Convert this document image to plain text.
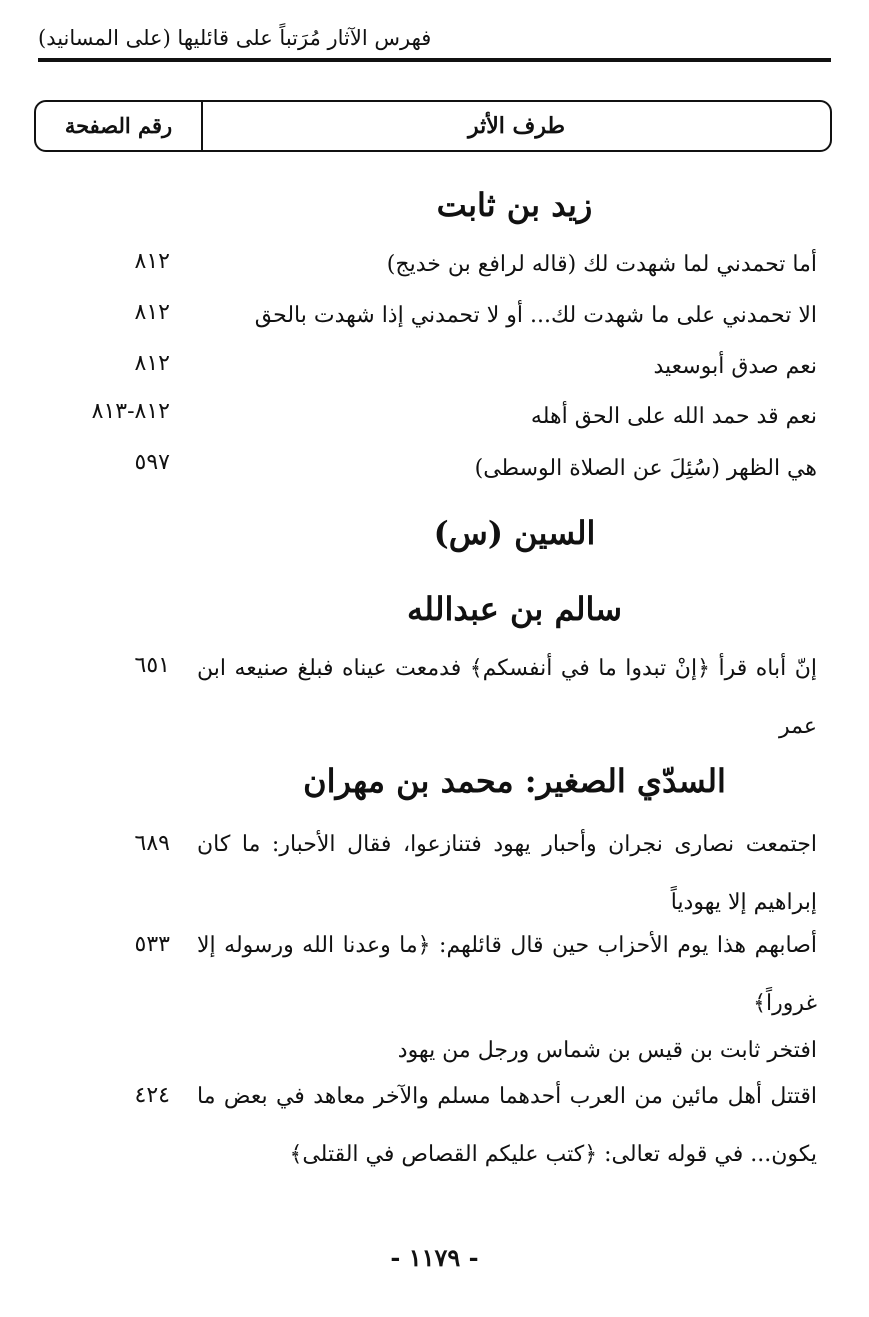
فهرس الآثار مُرَتباً على قائليها (على المسانيد)
طرف الأثر
رقم الصفحة
زيد بن ثابت
أما تحمدني لما شهدت لك (قاله لرافع بن خديج)
٨١٢
الا تحمدني على ما شهدت لك... أو لا تحمدني إذا شهدت بالحق
٨١٢
نعم صدق أبوسعيد
٨١٢
نعم قد حمد الله على الحق أهله
٨١٢-٨١٣
هي الظهر (سُئِلَ عن الصلاة الوسطى)
٥٩٧
السين (س)
سالم بن عبدالله
إنّ أباه قرأ ﴿إنْ تبدوا ما في أنفسكم﴾ فدمعت عيناه فبلغ صنيعه ابن عمر
٦٥١
السدّي الصغير: محمد بن مهران
اجتمعت نصارى نجران وأحبار يهود فتنازعوا، فقال الأحبار: ما كان إبراهيم إلا يهودياً
٦٨٩
أصابهم هذا يوم الأحزاب حين قال قائلهم: ﴿ما وعدنا الله ورسوله إلا غروراً﴾
٥٣٣
افتخر ثابت بن قيس بن شماس ورجل من يهود
اقتتل أهل مائين من العرب أحدهما مسلم والآخر معاهد في بعض ما يكون... في قوله تعالى: ﴿كتب عليكم القصاص في القتلى﴾
٤٢٤
- ١١٧٩ -
